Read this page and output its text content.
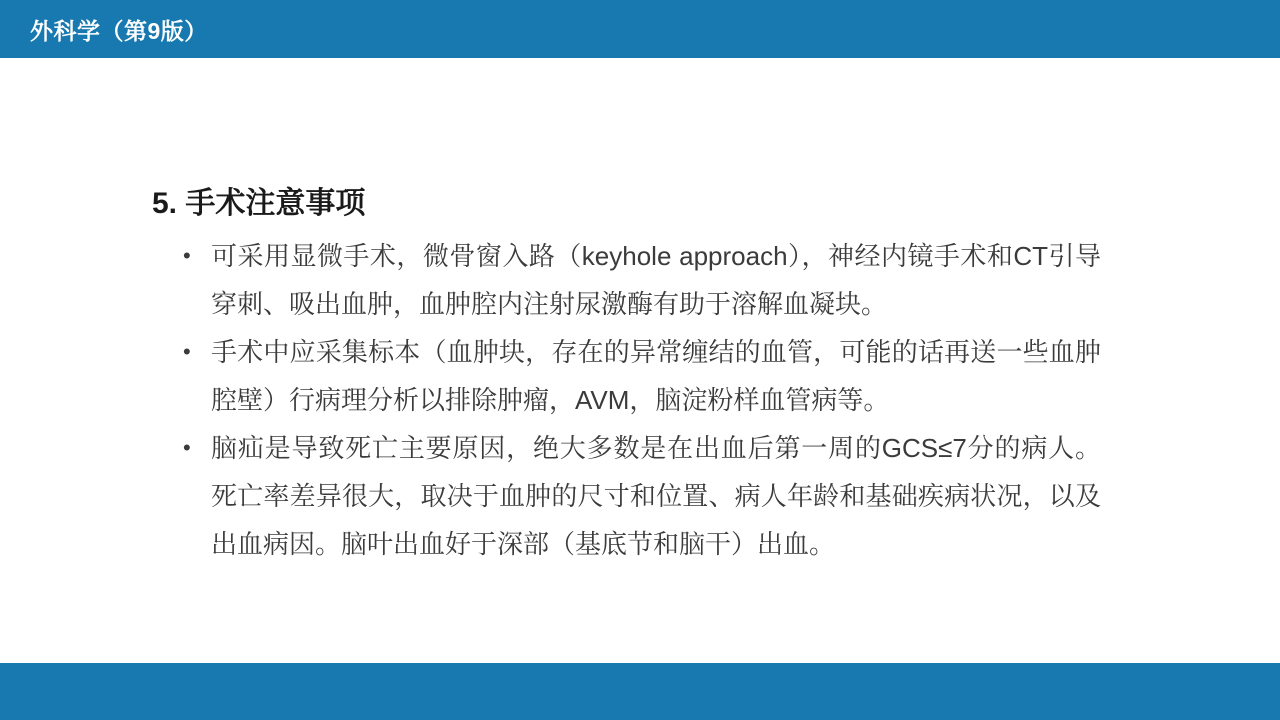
外科学（第9版）
5. 手术注意事项
• 可采用显微手术，微骨窗入路（keyhole approach），神经内镜手术和CT引导穿刺、吸出血肿，血肿腔内注射尿激酶有助于溶解血凝块。
• 手术中应采集标本（血肿块，存在的异常缠结的血管，可能的话再送一些血肿腔壁）行病理分析以排除肿瘤，AVM，脑淀粉样血管病等。
• 脑疝是导致死亡主要原因，绝大多数是在出血后第一周的GCS≤7分的病人。死亡率差异很大，取决于血肿的尺寸和位置、病人年龄和基础疾病状况，以及出血病因。脑叶出血好于深部（基底节和脑干）出血。
